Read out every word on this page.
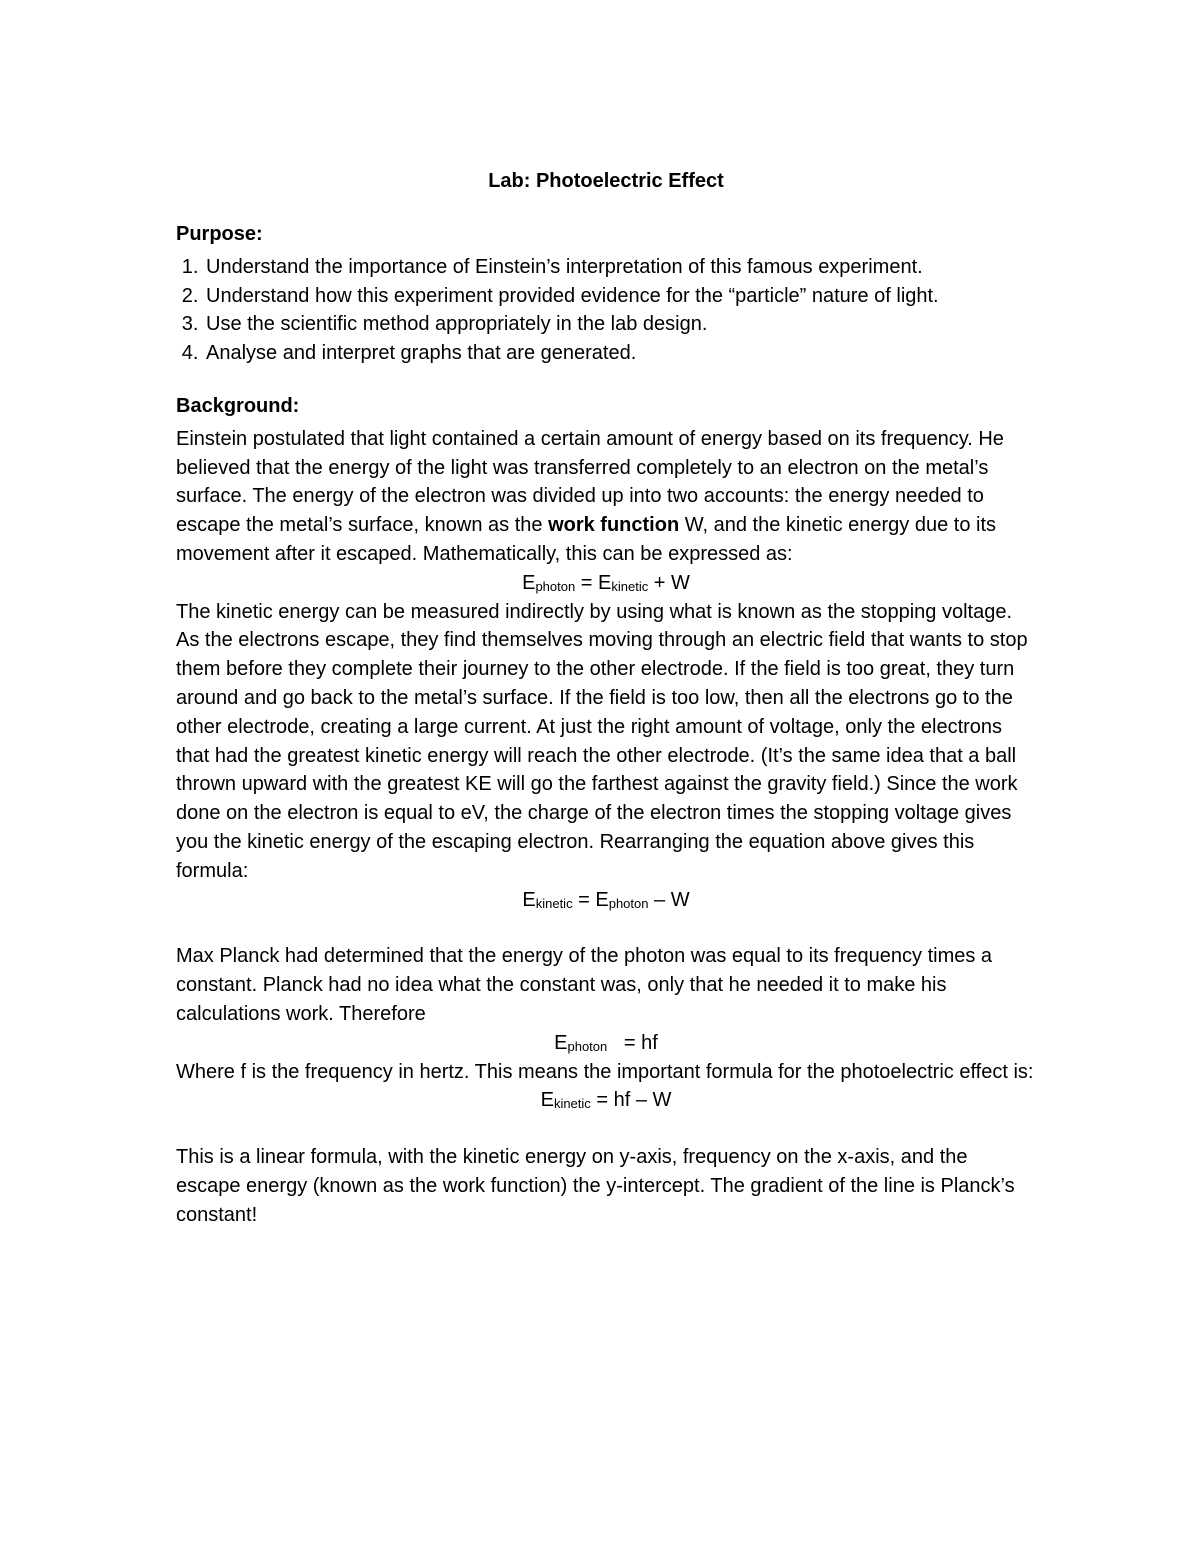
Lab: Photoelectric Effect
Purpose:
1. Understand the importance of Einstein’s interpretation of this famous experiment.
2. Understand how this experiment provided evidence for the “particle” nature of light.
3. Use the scientific method appropriately in the lab design.
4. Analyse and interpret graphs that are generated.
Background:

Einstein postulated that light contained a certain amount of energy based on its frequency. He believed that the energy of the light was transferred completely to an electron on the metal’s surface. The energy of the electron was divided up into two accounts: the energy needed to escape the metal’s surface, known as the work function W, and the kinetic energy due to its movement after it escaped. Mathematically, this can be expressed as:

Ephoton = Ekinetic + W

The kinetic energy can be measured indirectly by using what is known as the stopping voltage. As the electrons escape, they find themselves moving through an electric field that wants to stop them before they complete their journey to the other electrode. If the field is too great, they turn around and go back to the metal’s surface. If the field is too low, then all the electrons go to the other electrode, creating a large current. At just the right amount of voltage, only the electrons that had the greatest kinetic energy will reach the other electrode. (It’s the same idea that a ball thrown upward with the greatest KE will go the farthest against the gravity field.) Since the work done on the electron is equal to eV, the charge of the electron times the stopping voltage gives you the kinetic energy of the escaping electron. Rearranging the equation above gives this formula:

Ekinetic = Ephoton – W

Max Planck had determined that the energy of the photon was equal to its frequency times a constant. Planck had no idea what the constant was, only that he needed it to make his calculations work. Therefore

Ephoton   = hf

Where f is the frequency in hertz. This means the important formula for the photoelectric effect is:

Ekinetic = hf – W

This is a linear formula, with the kinetic energy on y-axis, frequency on the x-axis, and the escape energy (known as the work function) the y-intercept. The gradient of the line is Planck’s constant!
